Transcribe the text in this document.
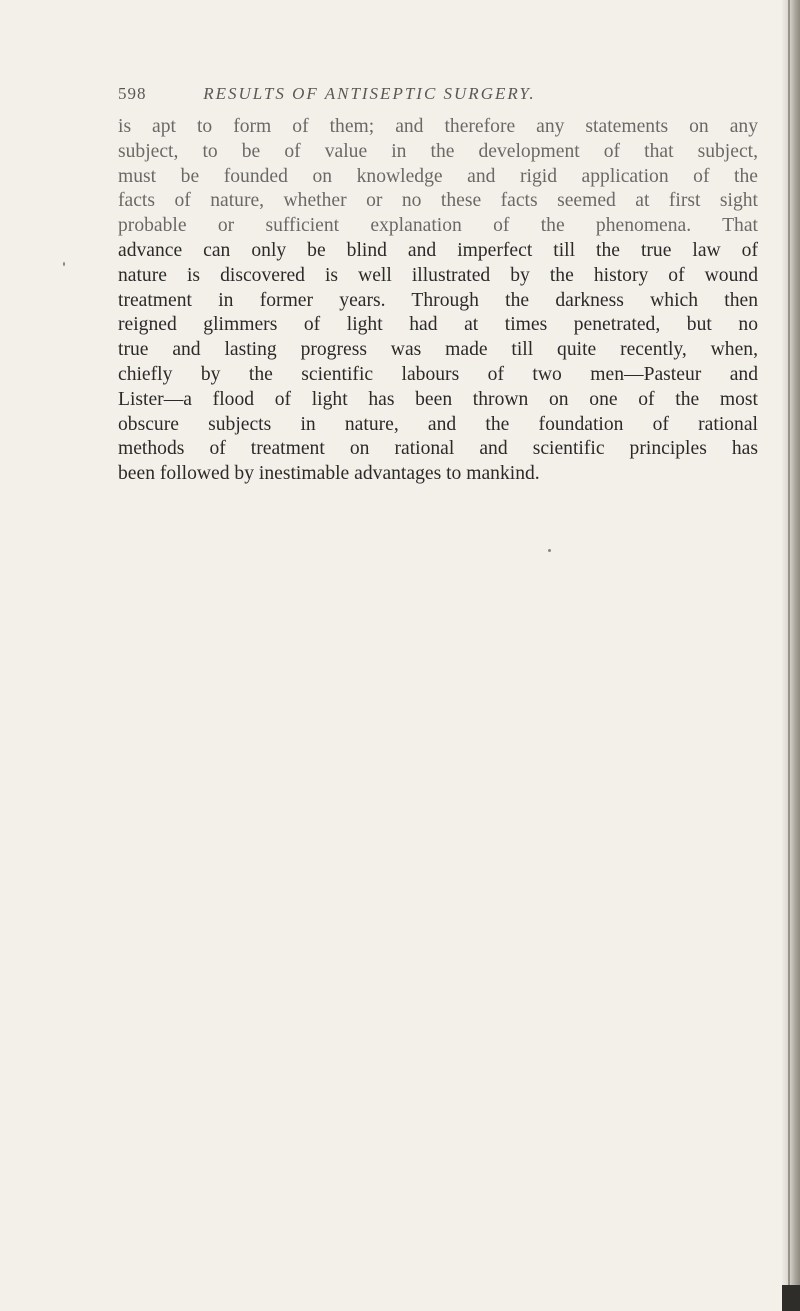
598	RESULTS OF ANTISEPTIC SURGERY.
is apt to form of them; and therefore any statements on any
subject, to be of value in the development of that subject,
must be founded on knowledge and rigid application of the
facts of nature, whether or no these facts seemed at first sight
probable or sufficient explanation of the phenomena. That
advance can only be blind and imperfect till the true law of
nature is discovered is well illustrated by the history of wound
treatment in former years. Through the darkness which then
reigned glimmers of light had at times penetrated, but no
true and lasting progress was made till quite recently, when,
chiefly by the scientific labours of two men—Pasteur and
Lister—a flood of light has been thrown on one of the most
obscure subjects in nature, and the foundation of rational
methods of treatment on rational and scientific principles has
been followed by inestimable advantages to mankind.
